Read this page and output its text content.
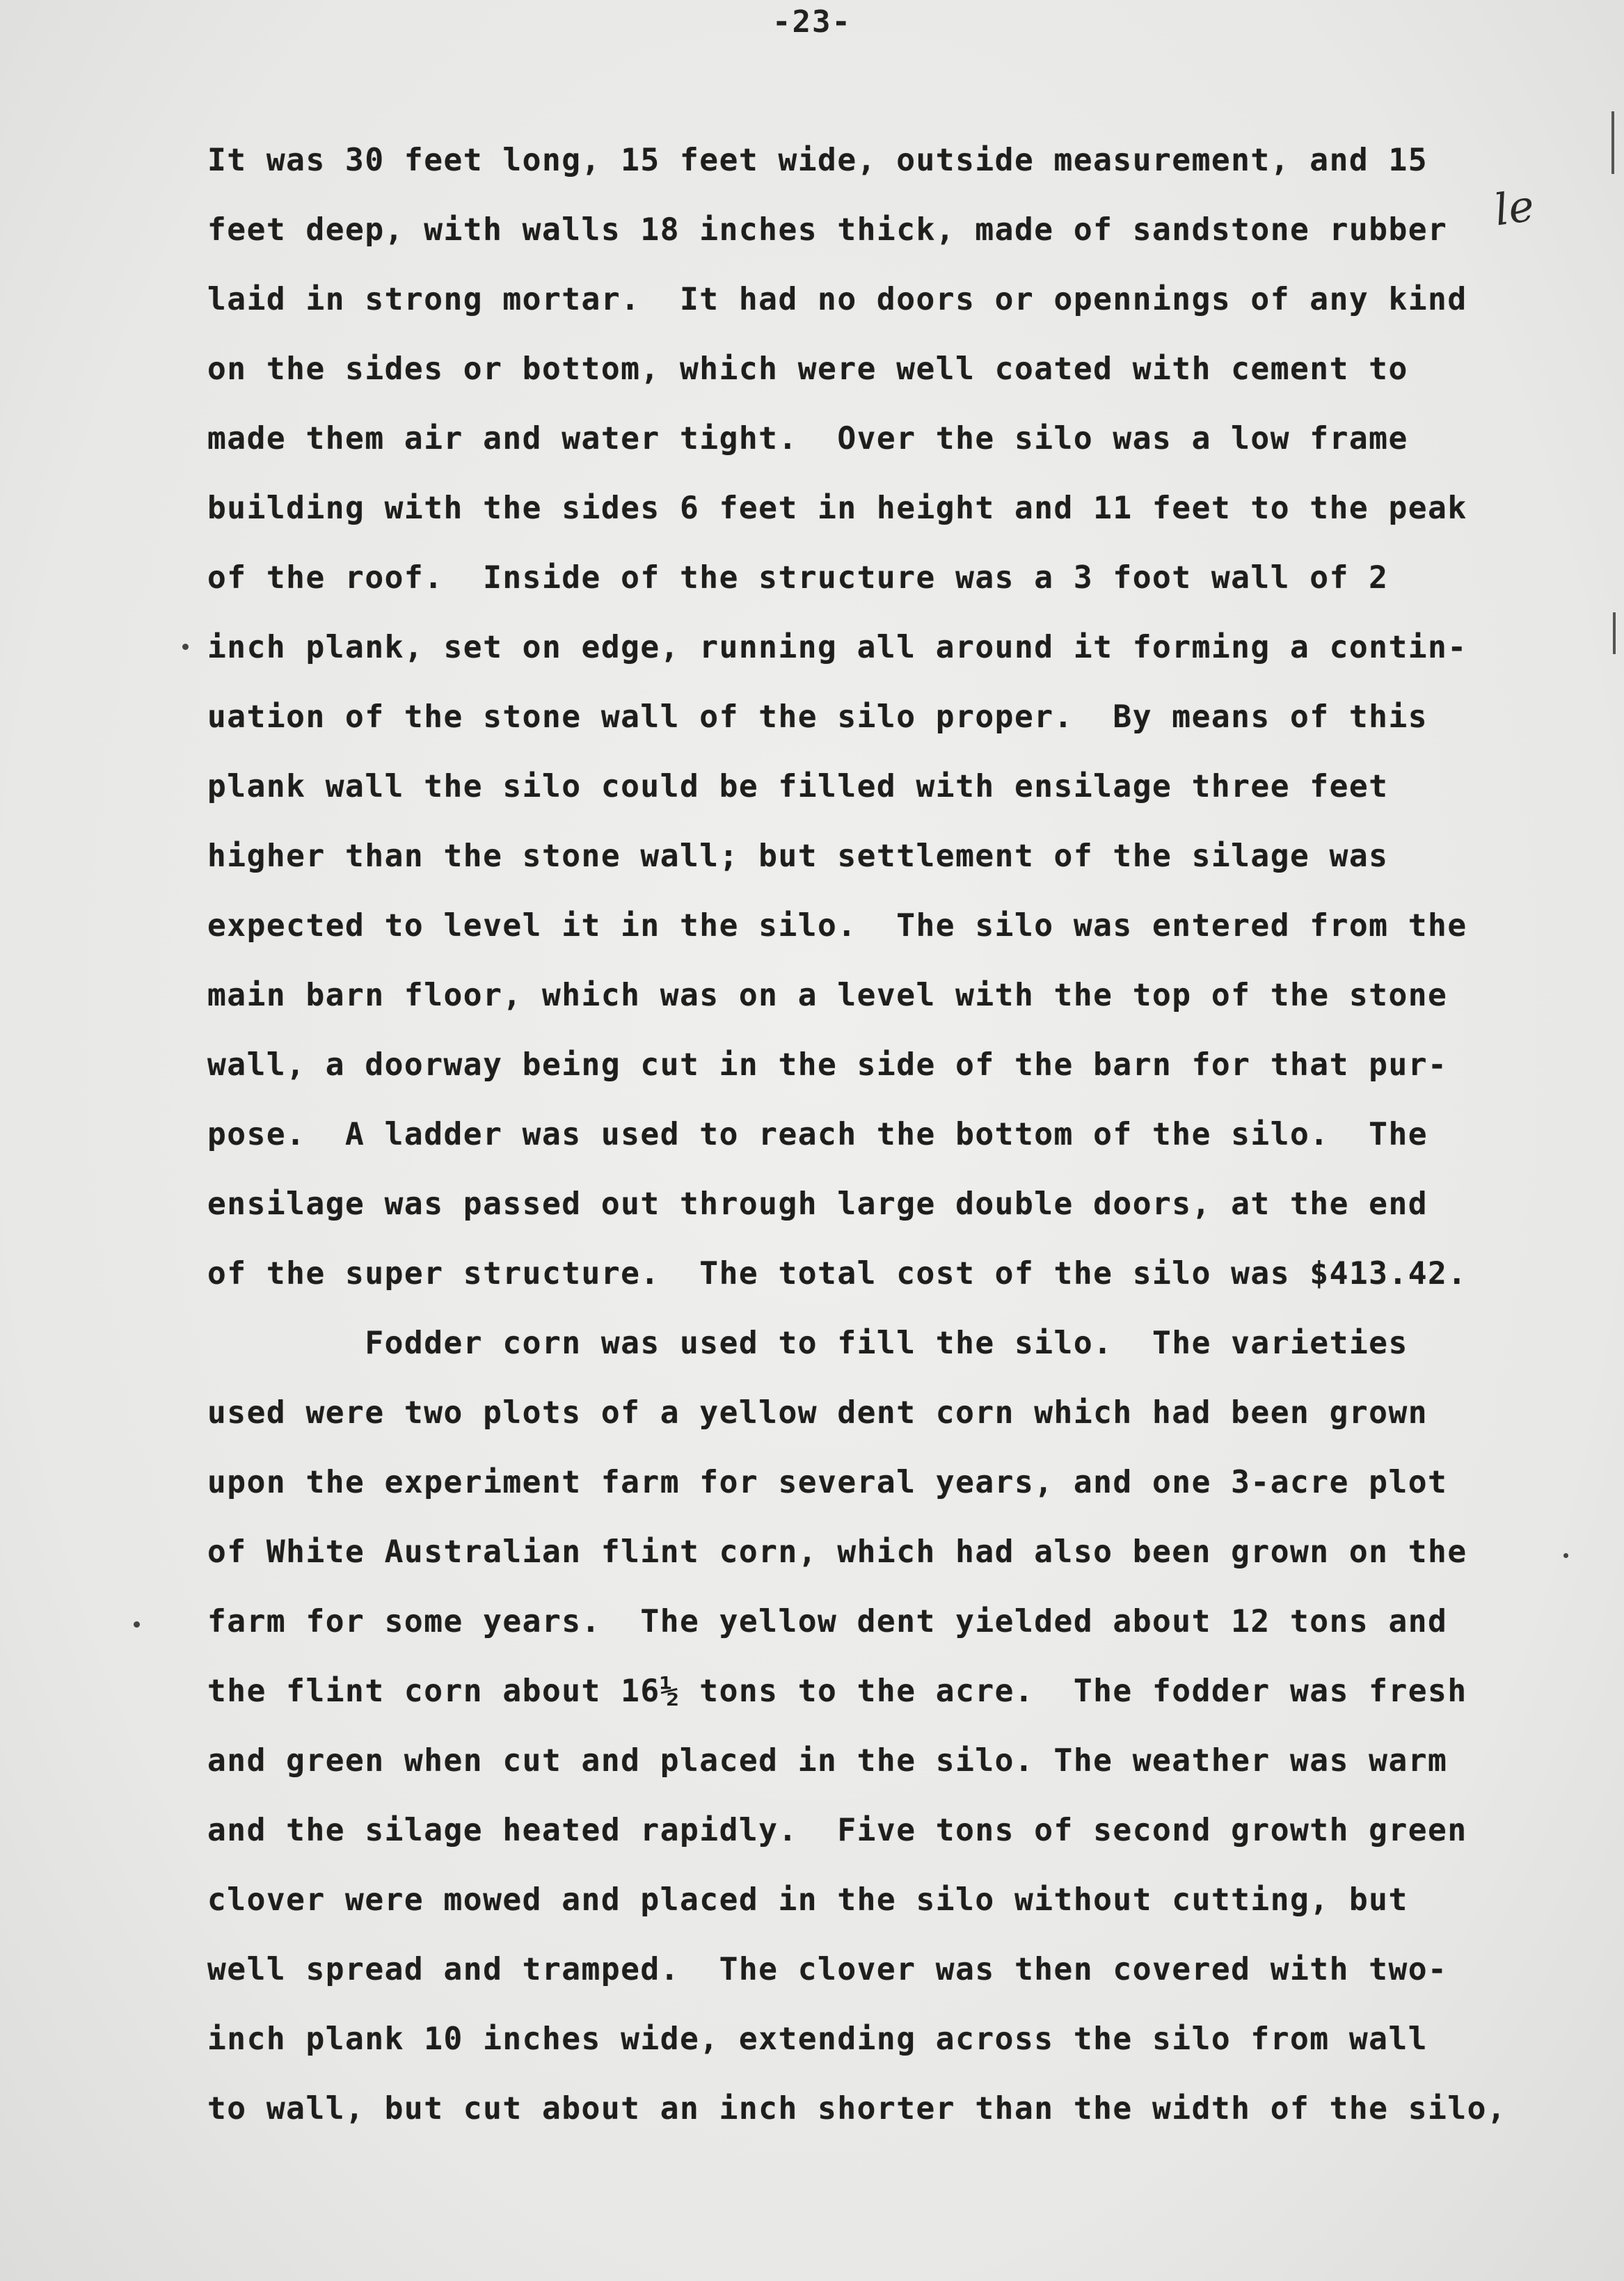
-23-
It was 30 feet long, 15 feet wide, outside measurement, and 15
feet deep, with walls 18 inches thick, made of sandstone rubber
laid in strong mortar.  It had no doors or opennings of any kind
on the sides or bottom, which were well coated with cement to
made them air and water tight.  Over the silo was a low frame
building with the sides 6 feet in height and 11 feet to the peak
of the roof.  Inside of the structure was a 3 foot wall of 2
inch plank, set on edge, running all around it forming a contin-
uation of the stone wall of the silo proper.  By means of this
plank wall the silo could be filled with ensilage three feet
higher than the stone wall; but settlement of the silage was
expected to level it in the silo.  The silo was entered from the
main barn floor, which was on a level with the top of the stone
wall, a doorway being cut in the side of the barn for that pur-
pose.  A ladder was used to reach the bottom of the silo.  The
ensilage was passed out through large double doors, at the end
of the super structure.  The total cost of the silo was $413.42.
Fodder corn was used to fill the silo.  The varieties
used were two plots of a yellow dent corn which had been grown
upon the experiment farm for several years, and one 3-acre plot
of White Australian flint corn, which had also been grown on the
farm for some years.  The yellow dent yielded about 12 tons and
the flint corn about 16½ tons to the acre.  The fodder was fresh
and green when cut and placed in the silo. The weather was warm
and the silage heated rapidly.  Five tons of second growth green
clover were mowed and placed in the silo without cutting, but
well spread and tramped.  The clover was then covered with two-
inch plank 10 inches wide, extending across the silo from wall
to wall, but cut about an inch shorter than the width of the silo,
le
